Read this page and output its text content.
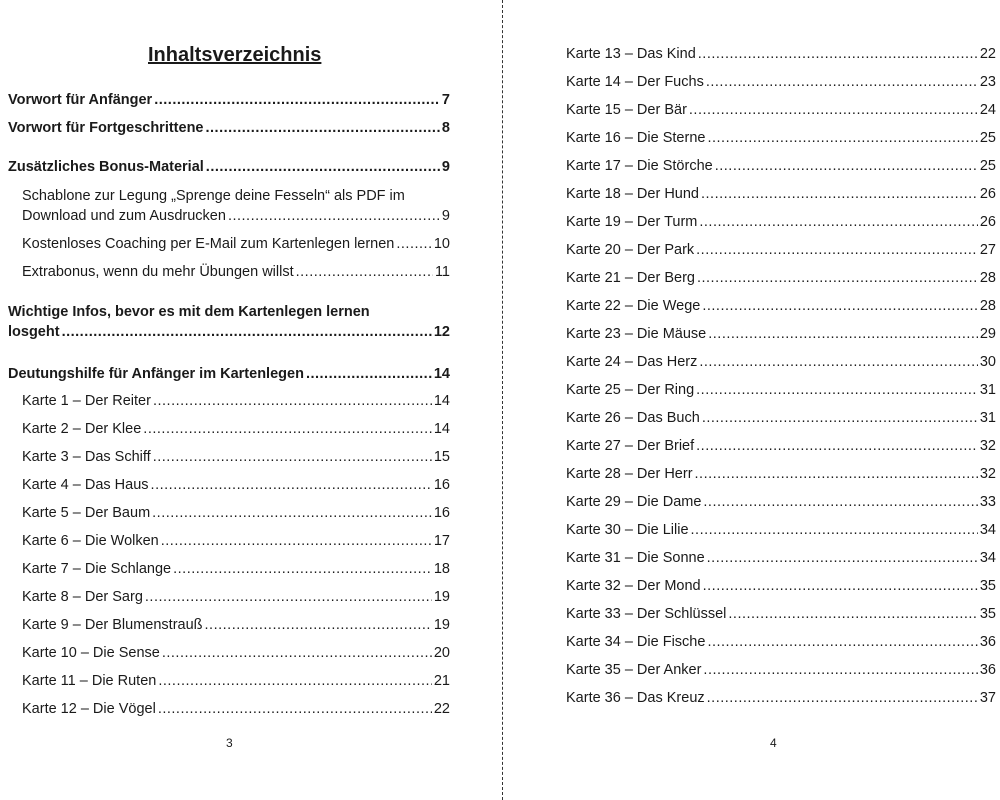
Inhaltsverzeichnis
Vorwort für Anfänger .....	7
Vorwort für Fortgeschrittene .....	8
Zusätzliches Bonus-Material .....	9
Schablone zur Legung „Sprenge deine Fesseln“ als PDF im
Download und zum Ausdrucken .....	9
Kostenloses Coaching per E-Mail zum Kartenlegen lernen .....	10
Extrabonus, wenn du mehr Übungen willst .....	11
Wichtige Infos, bevor es mit dem Kartenlegen lernen
losgeht .....	12
Deutungshilfe für Anfänger im Kartenlegen .....	14
Karte 1 – Der Reiter .....	14
Karte 2 – Der Klee .....	14
Karte 3 – Das Schiff .....	15
Karte 4 – Das Haus .....	16
Karte 5 – Der Baum .....	16
Karte 6 – Die Wolken .....	17
Karte 7 – Die Schlange .....	18
Karte 8 – Der Sarg .....	19
Karte 9 – Der Blumenstrauß .....	19
Karte 10 – Die Sense .....	20
Karte 11 – Die Ruten .....	21
Karte 12 – Die Vögel .....	22
3
Karte 13 – Das Kind .....	22
Karte 14 – Der Fuchs .....	23
Karte 15 – Der Bär .....	24
Karte 16 – Die Sterne .....	25
Karte 17 – Die Störche .....	25
Karte 18 – Der Hund .....	26
Karte 19 – Der Turm .....	26
Karte 20 – Der Park .....	27
Karte 21 – Der Berg .....	28
Karte 22 – Die Wege .....	28
Karte 23 – Die Mäuse .....	29
Karte 24 – Das Herz .....	30
Karte 25 – Der Ring .....	31
Karte 26 – Das Buch .....	31
Karte 27 – Der Brief .....	32
Karte 28 – Der Herr .....	32
Karte 29 – Die Dame .....	33
Karte 30 – Die Lilie .....	34
Karte 31 – Die Sonne .....	34
Karte 32 – Der Mond .....	35
Karte 33 – Der Schlüssel .....	35
Karte 34 – Die Fische .....	36
Karte 35 – Der Anker .....	36
Karte 36 – Das Kreuz .....	37
4
